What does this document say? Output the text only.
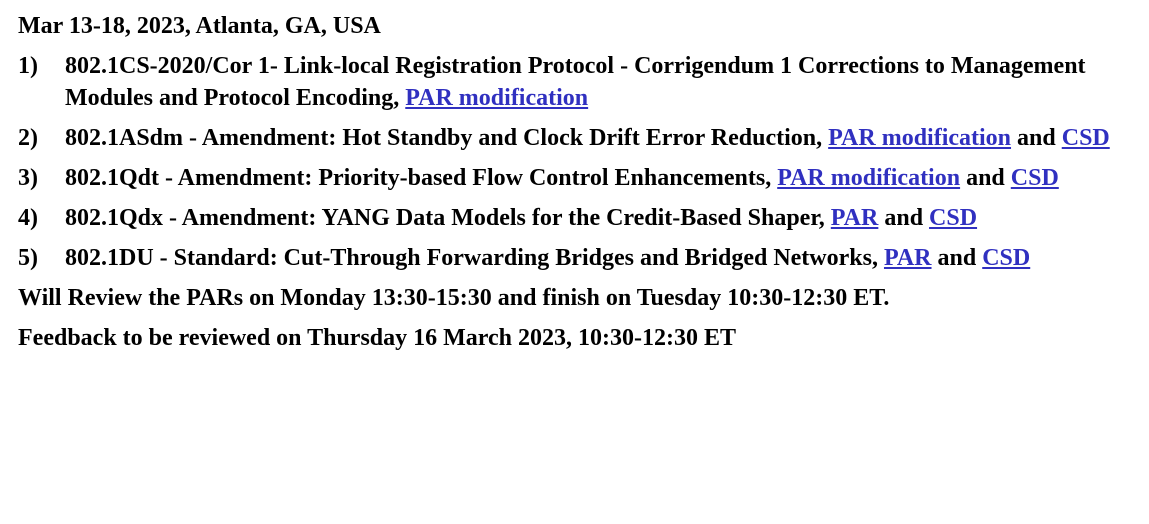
Mar 13-18, 2023, Atlanta, GA, USA
1)	802.1CS-2020/Cor 1- Link-local Registration Protocol - Corrigendum 1 Corrections to Management Modules and Protocol Encoding, PAR modification
2)	802.1ASdm - Amendment: Hot Standby and Clock Drift Error Reduction, PAR modification and CSD
3)	802.1Qdt - Amendment: Priority-based Flow Control Enhancements, PAR modification and CSD
4)	802.1Qdx - Amendment: YANG Data Models for the Credit-Based Shaper, PAR and CSD
5)	802.1DU - Standard: Cut-Through Forwarding Bridges and Bridged Networks, PAR and CSD
Will Review the PARs on Monday 13:30-15:30 and finish on Tuesday 10:30-12:30 ET.
Feedback to be reviewed on Thursday 16 March 2023, 10:30-12:30 ET
